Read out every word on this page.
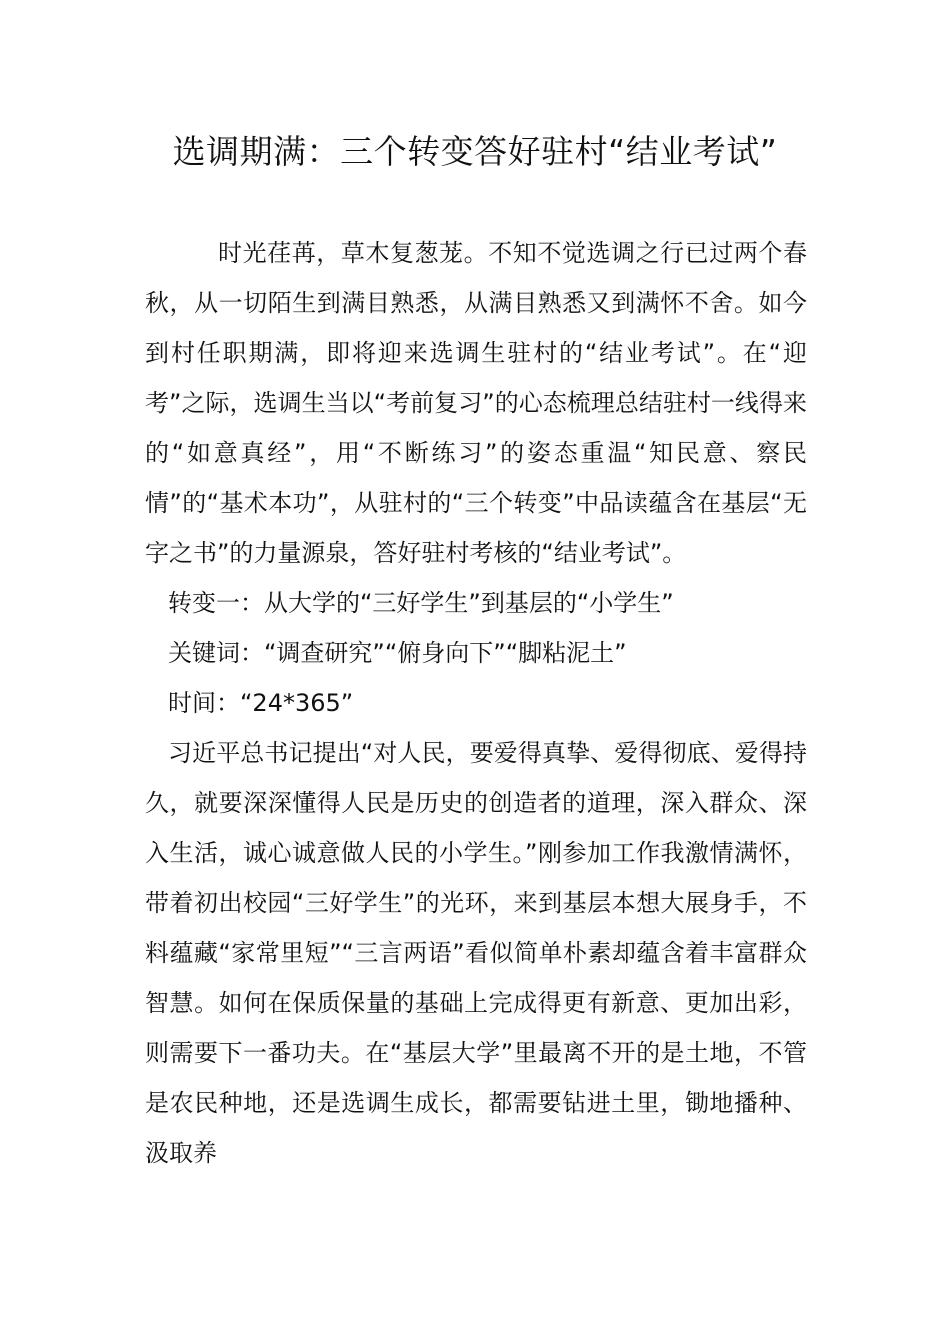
选调期满：三个转变答好驻村“结业考试”

时光荏苒，草木复葱茏。不知不觉选调之行已过两个春秋，从一切陌生到满目熟悉，从满目熟悉又到满怀不舍。如今到村任职期满，即将迎来选调生驻村的“结业考试”。在“迎考”之际，选调生当以“考前复习”的心态梳理总结驻村一线得来的“如意真经”，用“不断练习”的姿态重温“知民意、察民情”的“基术本功”，从驻村的“三个转变”中品读蕴含在基层“无字之书”的力量源泉，答好驻村考核的“结业考试”。

转变一：从大学的“三好学生”到基层的“小学生”

关键词：“调查研究”“俯身向下”“脚粘泥土”

时间：“24*365”

习近平总书记提出“对人民，要爱得真挚、爱得彻底、爱得持久，就要深深懂得人民是历史的创造者的道理，深入群众、深入生活，诚心诚意做人民的小学生。”刚参加工作我激情满怀，带着初出校园“三好学生”的光环，来到基层本想大展身手，不料蕴藏“家常里短”“三言两语”看似简单朴素却蕴含着丰富群众智慧。如何在保质保量的基础上完成得更有新意、更加出彩，则需要下一番功夫。在“基层大学”里最离不开的是土地，不管是农民种地，还是选调生成长，都需要钻进土里，锄地播种、汲取养
